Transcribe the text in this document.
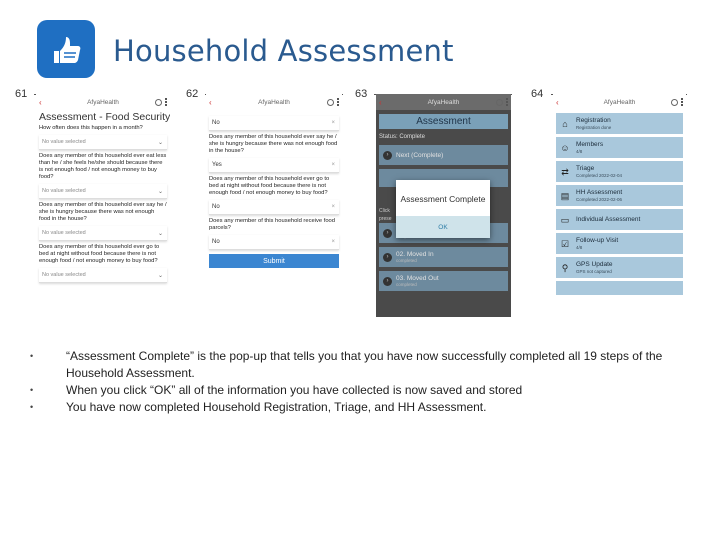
Household Assessment
61	62	63	64
‹	AfyaHealth
Assessment - Food Security
How often does this happen in a month?
No value selected	⌄
Does any member of this household ever eat less than he / she feels he/she should because there is not enough food / not enough money to buy food?
No value selected	⌄
Does any member of this household ever say he / she is hungry because there was not enough food in the house?
No value selected	⌄
Does any member of this household ever go to bed at night without food because there is not enough food / not enough money to buy food?
No value selected	⌄
‹	AfyaHealth
No	×
Does any member of this household ever say he / she is hungry because there was not enough food in the house?
Yes	×
Does any member of this household ever go to bed at night without food because there is not enough food / not enough money to buy food?
No	×
Does any member of this household receive food parcels?
No	×
Submit
‹	AfyaHealth
Assessment
Status: Complete
›	Next (Complete)
Click
prese
›
›	02. Moved In
completed
›	03. Moved Out
completed
Assessment Complete
OK
‹	AfyaHealth
⌂	Registration
Registration done
☺ Members
4/8
⇄ Triage
Completed 2022-02-04
▤ HH Assessment
Completed 2022-02-06
▭ Individual Assessment
☑ Follow-up Visit
4/8
⚲ GPS Update
GPS not captured
•	“Assessment Complete” is the pop-up that tells you that you have now successfully completed all 19 steps of the Household Assessment.
•	When you click “OK” all of the information you have collected is now saved and stored
•	You have now completed Household Registration, Triage, and HH Assessment.
